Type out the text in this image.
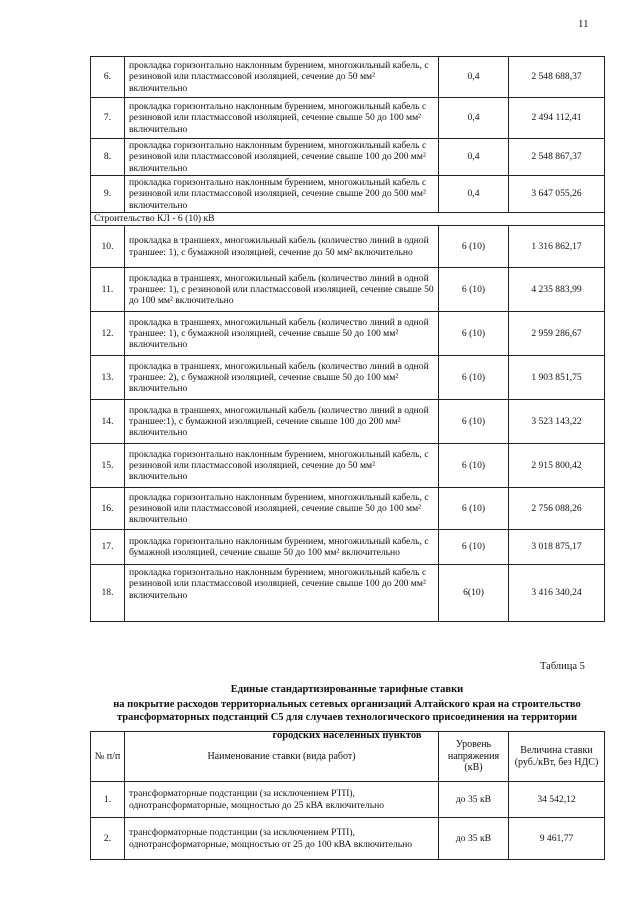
11
6.	прокладка горизонтально наклонным бурением, многожильный кабель, с резиновой или пластмассовой изоляцией, сечение до 50 мм² включительно	0,4	2 548 688,37
7.	прокладка горизонтально наклонным бурением, многожильный кабель с резиновой или пластмассовой изоляцией, сечение свыше 50 до 100 мм² включительно	0,4	2 494 112,41
8.	прокладка горизонтально наклонным бурением, многожильный кабель с резиновой или пластмассовой изоляцией, сечение свыше 100 до 200 мм² включительно	0,4	2 548 867,37
9.	прокладка горизонтально наклонным бурением, многожильный кабель с резиновой или пластмассовой изоляцией, сечение свыше 200 до 500 мм² включительно	0,4	3 647 055,26
Строительство КЛ - 6 (10) кВ			
10.	прокладка в траншеях, многожильный кабель (количество линий в одной траншее: 1), с бумажной изоляцией, сечение до 50 мм² включительно	6 (10)	1 316 862,17
11.	прокладка в траншеях, многожильный кабель (количество линий в одной траншее: 1), с резиновой или пластмассовой изоляцией, сечение свыше 50 до 100 мм² включительно	6 (10)	4 235 883,99
12.	прокладка в траншеях, многожильный кабель (количество линий в одной траншее: 1), с бумажной изоляцией, сечение свыше 50 до 100 мм² включительно	6 (10)	2 959 286,67
13.	прокладка в траншеях, многожильный кабель (количество линий в одной траншее: 2), с бумажной изоляцией, сечение свыше 50 до 100 мм² включительно	6 (10)	1 903 851,75
14.	прокладка в траншеях, многожильный кабель (количество линий в одной траншее:1), с бумажной изоляцией, сечение свыше 100 до 200 мм² включительно	6 (10)	3 523 143,22
15.	прокладка горизонтально наклонным бурением, многожильный кабель, с резиновой или пластмассовой изоляцией, сечение до 50 мм² включительно	6 (10)	2 915 800,42
16.	прокладка горизонтально наклонным бурением, многожильный кабель, с резиновой или пластмассовой изоляцией, сечение свыше 50 до 100 мм² включительно	6 (10)	2 756 088,26
17.	прокладка горизонтально наклонным бурением, многожильный кабель, с бумажной изоляцией, сечение свыше 50 до 100 мм² включительно	6 (10)	3 018 875,17
18.	прокладка горизонтально наклонным бурением, многожильный кабель с резиновой или пластмассовой изоляцией, сечение свыше 100 до 200 мм² включительно	6(10)	3 416 340,24
Таблица 5
Единые стандартизированные тарифные ставки
на покрытие расходов территориальных сетевых организаций Алтайского края на строительство трансформаторных подстанций С5 для случаев технологического присоединения на территории
городских населенных пунктов
№ п/п	Наименование ставки (вида работ)	Уровень напряжения (кВ)	Величина ставки (руб./кВт, без НДС)
1.	трансформаторные подстанции (за исключением РТП), однотрансформаторные, мощностью до 25 кВА включительно	до 35 кВ	34 542,12
2.	трансформаторные подстанции (за исключением РТП), однотрансформаторные, мощностью от 25 до 100 кВА включительно	до 35 кВ	9 461,77
